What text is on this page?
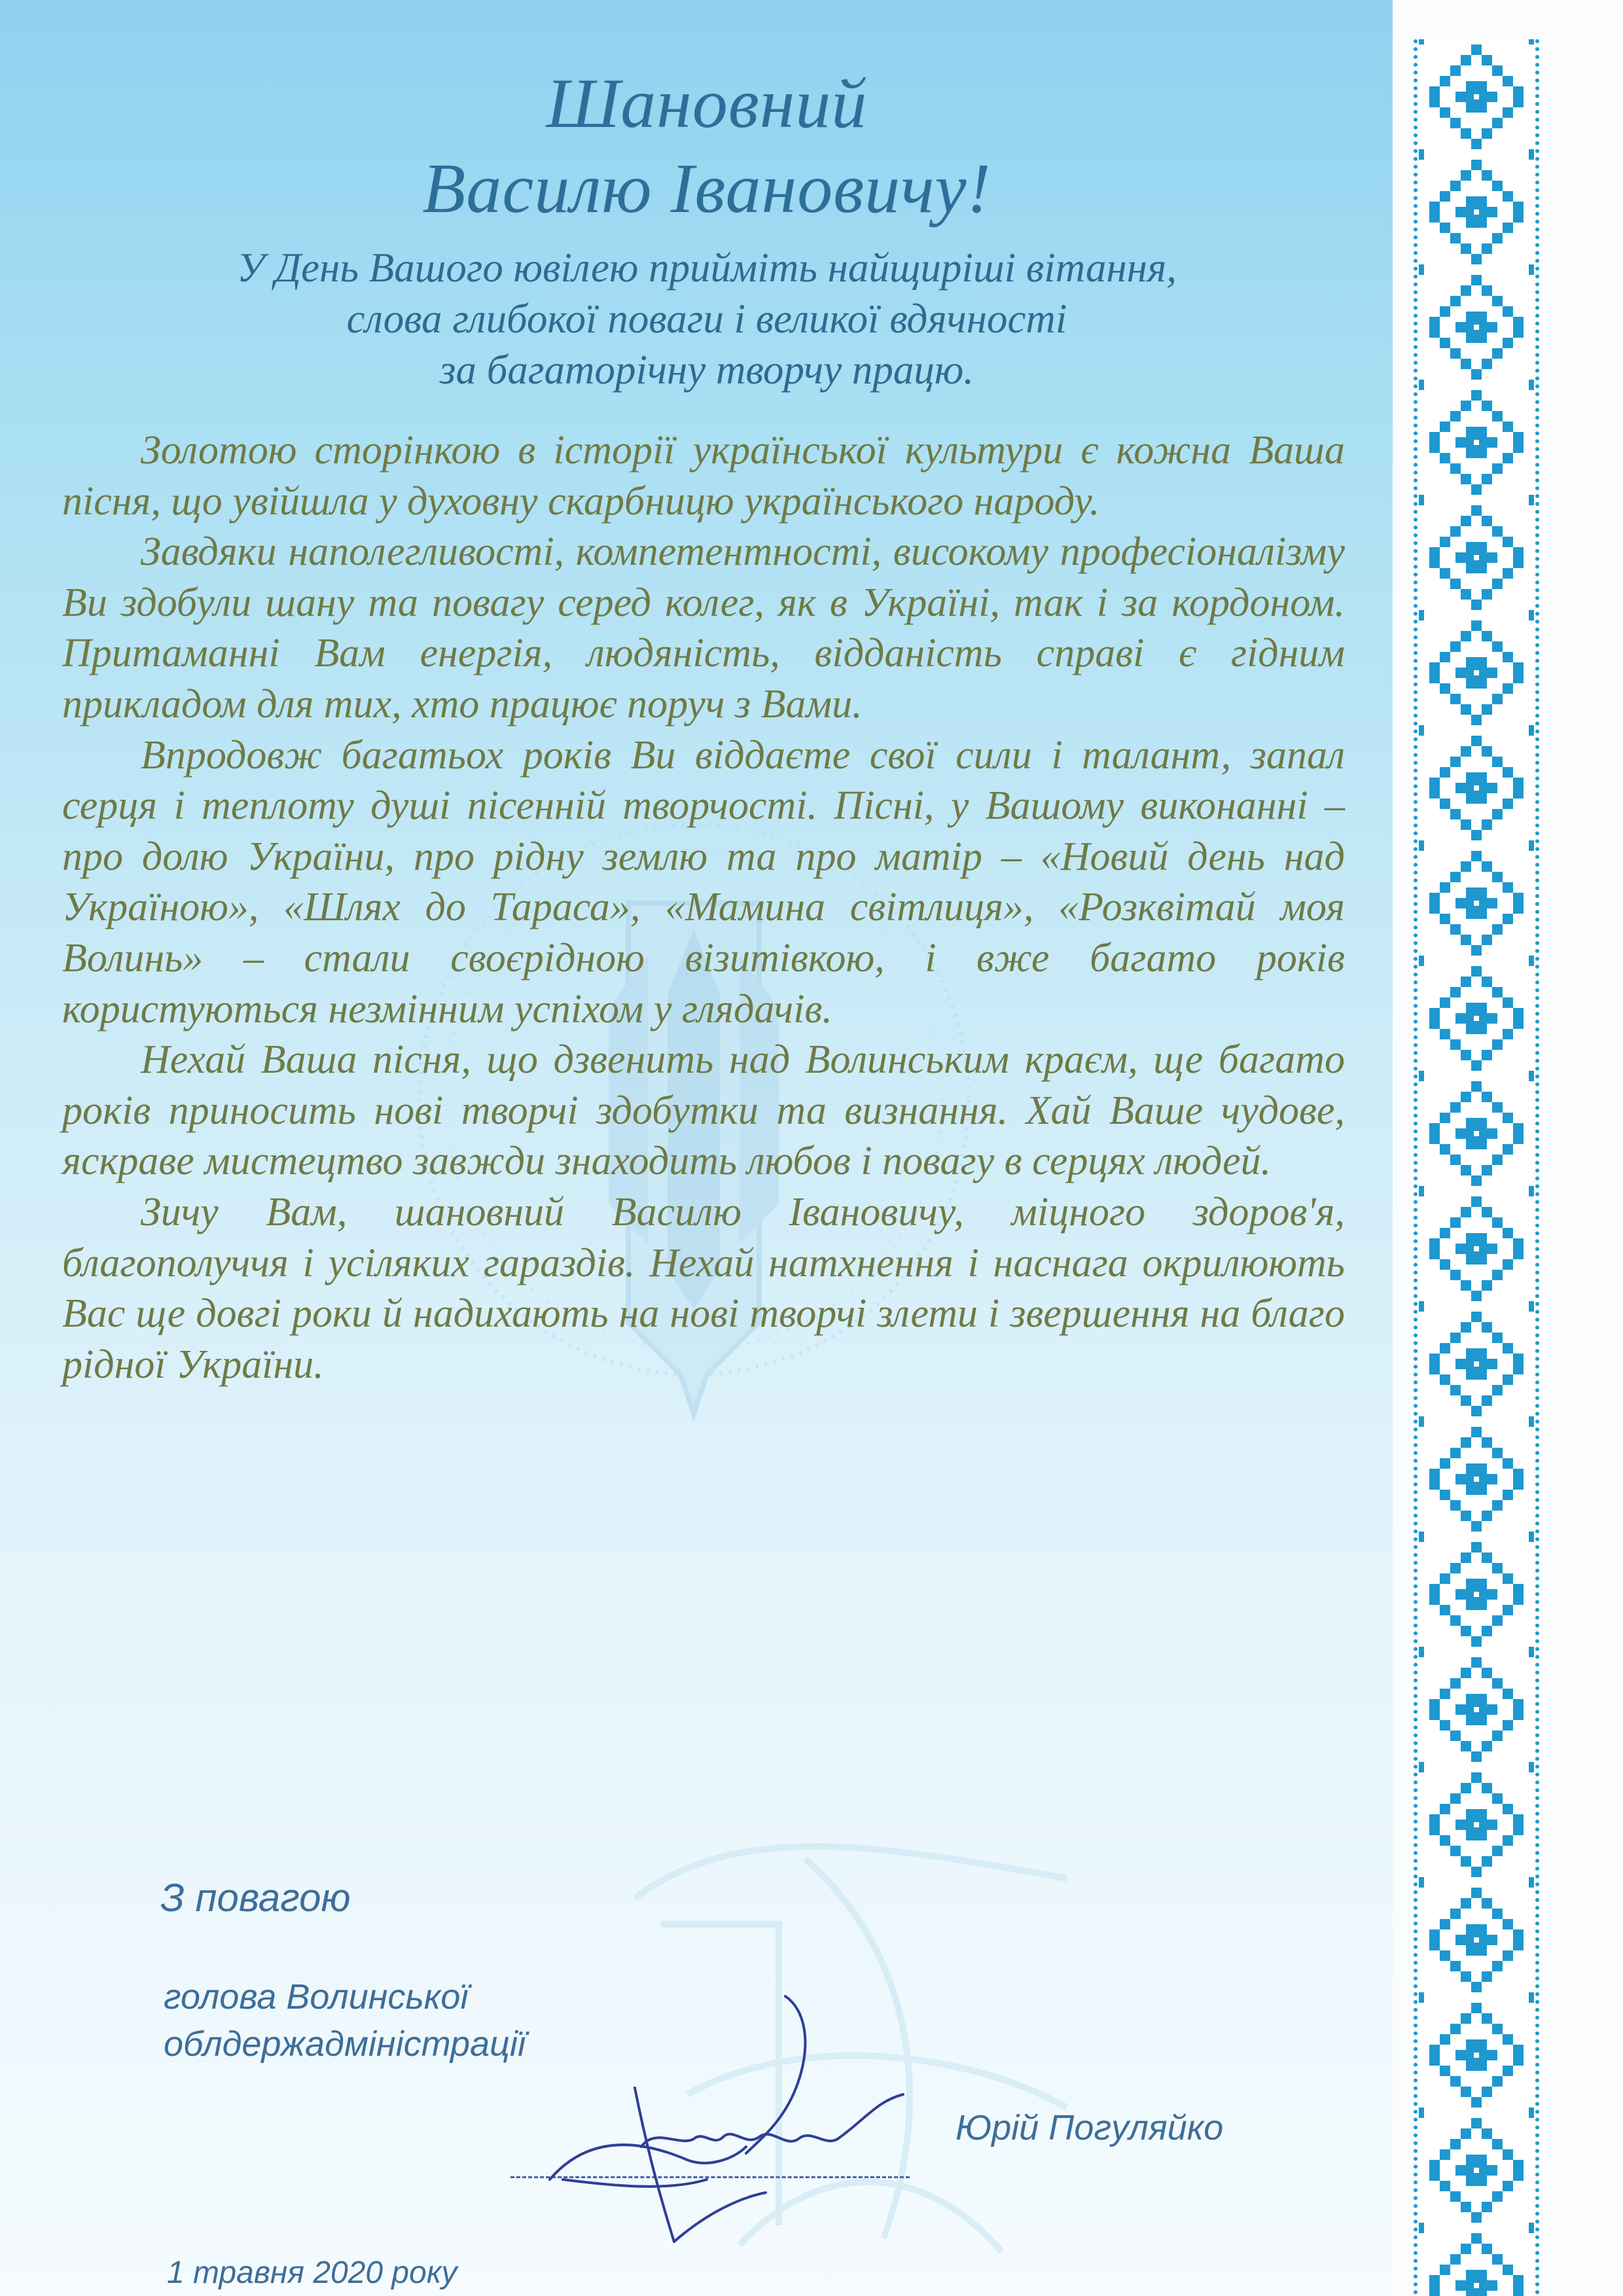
Шановний
Василю Івановичу!
У День Вашого ювілею прийміть найщиріші вітання,
слова глибокої поваги і великої вдячності
за багаторічну творчу працю.

Золотою сторінкою в історії української культури є кожна Ваша пісня, що увійшла у духовну скарбницю українського народу.

Завдяки наполегливості, компетентності, високому професіоналізму Ви здобули шану та повагу серед колег, як в Україні, так і за кордоном. Притаманні Вам енергія, людяність, відданість справі є гідним прикладом для тих, хто працює поруч з Вами.

Впродовж багатьох років Ви віддаєте свої сили і талант, запал серця і теплоту душі пісенній творчості. Пісні, у Вашому виконанні – про долю України, про рідну землю та про матір – «Новий день над Україною», «Шлях до Тараса», «Мамина світлиця», «Розквітай моя Волинь» – стали своєрідною візитівкою, і вже багато років користуються незмінним успіхом у глядачів.

Нехай Ваша пісня, що дзвенить над Волинським краєм, ще багато років приносить нові творчі здобутки та визнання. Хай Ваше чудове, яскраве мистецтво завжди знаходить любов і повагу в серцях людей.

Зичу Вам, шановний Василю Івановичу, міцного здоров'я, благополуччя і усіляких гараздів. Нехай натхнення і наснага окрилюють Вас ще довгі роки й надихають на нові творчі злети і звершення на благо рідної України.

З повагою
голова Волинської
облдержадміністрації
Юрій Погуляйко
1 травня 2020 року
